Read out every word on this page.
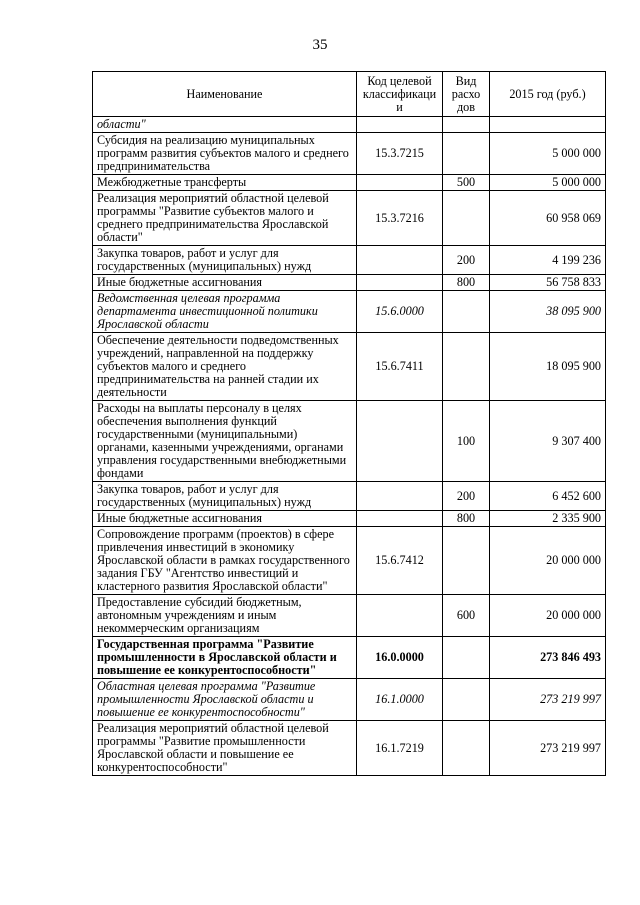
35
Наименование	Код целевой классификаци и	Вид расхо дов	2015 год (руб.)
области"			
Субсидия на реализацию муниципальных программ развития субъектов малого и среднего предпринимательства	15.3.7215		5 000 000
Межбюджетные трансферты		500	5 000 000
Реализация мероприятий областной целевой программы "Развитие субъектов малого и среднего предпринимательства Ярославской области"	15.3.7216		60 958 069
Закупка товаров, работ и услуг для государственных (муниципальных) нужд		200	4 199 236
Иные бюджетные ассигнования		800	56 758 833
Ведомственная целевая программа департамента инвестиционной политики Ярославской области	15.6.0000		38 095 900
Обеспечение деятельности подведомственных учреждений, направленной на поддержку субъектов малого и среднего предпринимательства на ранней стадии их деятельности	15.6.7411		18 095 900
Расходы на выплаты персоналу в целях обеспечения выполнения функций государственными (муниципальными) органами, казенными учреждениями, органами управления государственными внебюджетными фондами		100	9 307 400
Закупка товаров, работ и услуг для государственных (муниципальных) нужд		200	6 452 600
Иные бюджетные ассигнования		800	2 335 900
Сопровождение программ (проектов) в сфере привлечения инвестиций в экономику Ярославской области в рамках государственного задания ГБУ "Агентство инвестиций и кластерного развития Ярославской области"	15.6.7412		20 000 000
Предоставление субсидий бюджетным, автономным учреждениям и иным некоммерческим организациям		600	20 000 000
Государственная программа "Развитие промышленности в Ярославской области и повышение ее конкурентоспособности"	16.0.0000		273 846 493
Областная целевая программа "Развитие промышленности Ярославской области и повышение ее конкурентоспособности"	16.1.0000		273 219 997
Реализация мероприятий областной целевой программы "Развитие промышленности Ярославской области и повышение ее конкурентоспособности"	16.1.7219		273 219 997
